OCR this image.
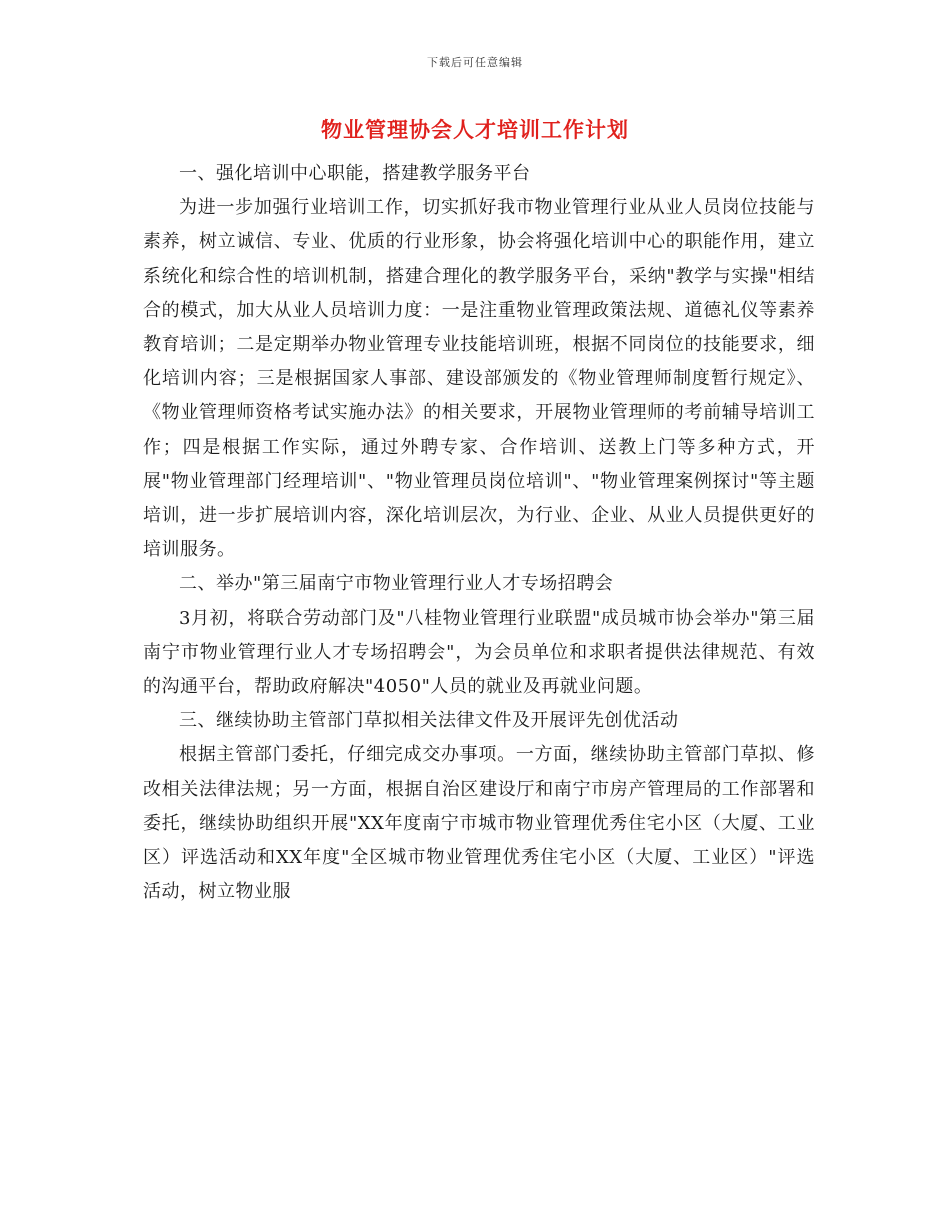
下载后可任意编辑
物业管理协会人才培训工作计划

一、强化培训中心职能，搭建教学服务平台

为进一步加强行业培训工作，切实抓好我市物业管理行业从业人员岗位技能与素养，树立诚信、专业、优质的行业形象，协会将强化培训中心的职能作用，建立系统化和综合性的培训机制，搭建合理化的教学服务平台，采纳"教学与实操"相结合的模式，加大从业人员培训力度：一是注重物业管理政策法规、道德礼仪等素养教育培训；二是定期举办物业管理专业技能培训班，根据不同岗位的技能要求，细化培训内容；三是根据国家人事部、建设部颁发的《物业管理师制度暂行规定》、《物业管理师资格考试实施办法》的相关要求，开展物业管理师的考前辅导培训工作；四是根据工作实际，通过外聘专家、合作培训、送教上门等多种方式，开展"物业管理部门经理培训"、"物业管理员岗位培训"、"物业管理案例探讨"等主题培训，进一步扩展培训内容，深化培训层次，为行业、企业、从业人员提供更好的培训服务。

二、举办"第三届南宁市物业管理行业人才专场招聘会

3月初，将联合劳动部门及"八桂物业管理行业联盟"成员城市协会举办"第三届南宁市物业管理行业人才专场招聘会"，为会员单位和求职者提供法律规范、有效的沟通平台，帮助政府解决"4050"人员的就业及再就业问题。

三、继续协助主管部门草拟相关法律文件及开展评先创优活动

根据主管部门委托，仔细完成交办事项。一方面，继续协助主管部门草拟、修改相关法律法规；另一方面，根据自治区建设厅和南宁市房产管理局的工作部署和委托，继续协助组织开展"XX年度南宁市城市物业管理优秀住宅小区（大厦、工业区）评选活动和XX年度"全区城市物业管理优秀住宅小区（大厦、工业区）"评选活动，树立物业服
